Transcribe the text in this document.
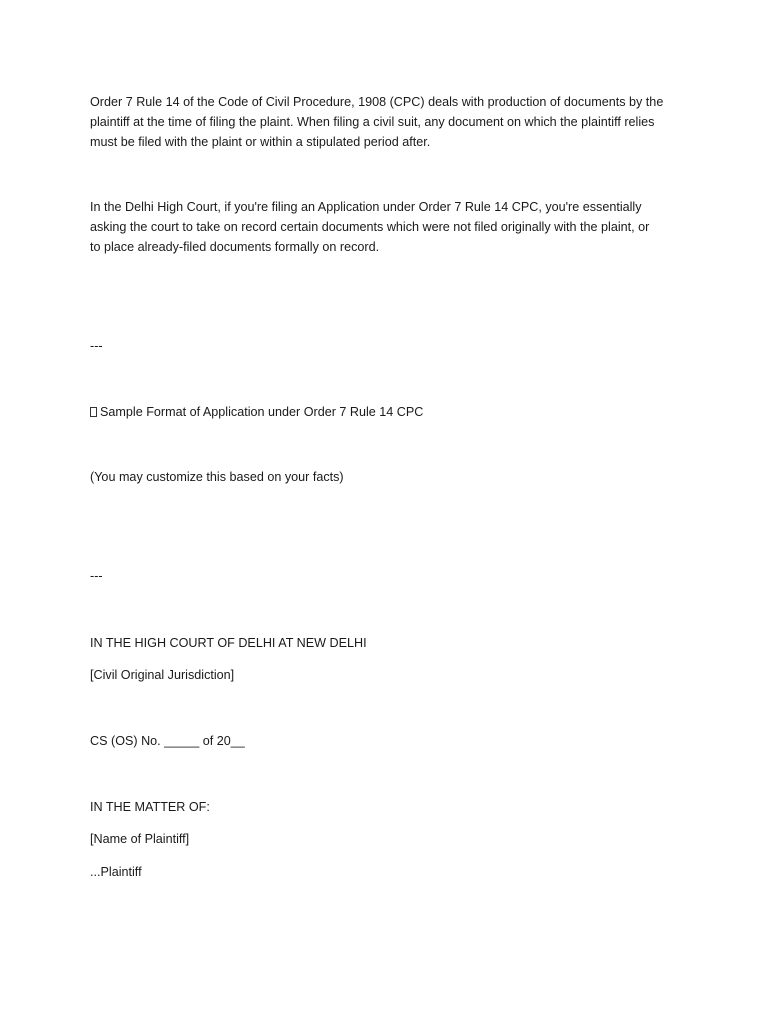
Order 7 Rule 14 of the Code of Civil Procedure, 1908 (CPC) deals with production of documents by the
plaintiff at the time of filing the plaint. When filing a civil suit, any document on which the plaintiff relies
must be filed with the plaint or within a stipulated period after.

In the Delhi High Court, if you're filing an Application under Order 7 Rule 14 CPC, you're essentially
asking the court to take on record certain documents which were not filed originally with the plaint, or
to place already-filed documents formally on record.

---

Sample Format of Application under Order 7 Rule 14 CPC

(You may customize this based on your facts)

---

IN THE HIGH COURT OF DELHI AT NEW DELHI

[Civil Original Jurisdiction]

CS (OS) No. _____ of 20__

IN THE MATTER OF:

[Name of Plaintiff]

...Plaintiff
